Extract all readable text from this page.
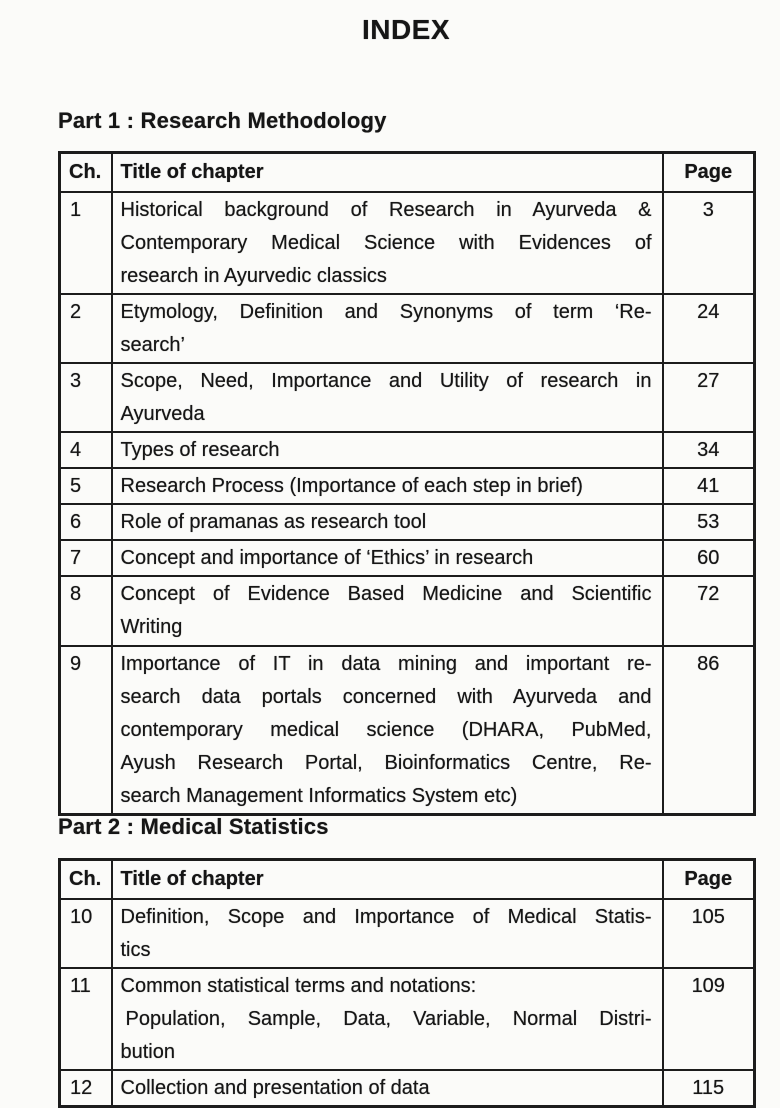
INDEX
Part 1 : Research Methodology
Ch.	Title of chapter	Page
1	Historical background of Research in Ayurveda &
Contemporary Medical Science with Evidences of
research in Ayurvedic classics	3
2	Etymology, Definition and Synonyms of term ‘Re-
search’	24
3	Scope, Need, Importance and Utility of research in
Ayurveda	27
4	Types of research	34
5	Research Process (Importance of each step in brief)	41
6	Role of pramanas as research tool	53
7	Concept and importance of ‘Ethics’ in research	60
8	Concept of Evidence Based Medicine and Scientific
Writing	72
9	Importance of IT in data mining and important re-
search data portals concerned with Ayurveda and
contemporary medical science (DHARA, PubMed,
Ayush Research Portal, Bioinformatics Centre, Re-
search Management Informatics System etc)	86
Part 2 : Medical Statistics
Ch.	Title of chapter	Page
10	Definition, Scope and Importance of Medical Statis-
tics	105
11	Common statistical terms and notations:
Population, Sample, Data, Variable, Normal Distri-
bution	109
12	Collection and presentation of data	115
